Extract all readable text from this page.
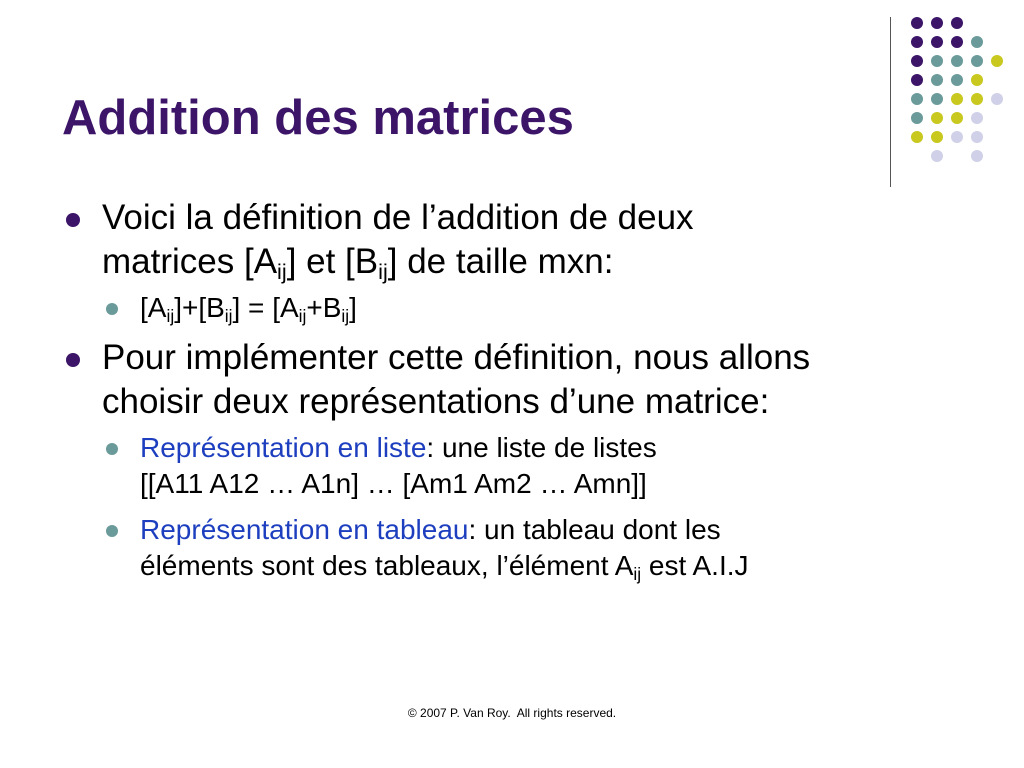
Addition des matrices
Voici la définition de l’addition de deux
matrices $[A_{ij}]$ et $[B_{ij}]$ de taille mxn:
$[A_{ij}]+[B_{ij}] = [A_{ij}+B_{ij}]$
Pour implémenter cette définition, nous allons
choisir deux représentations d’une matrice:
Représentation en liste: une liste de listes
[[A11 A12 … A1n] … [Am1 Am2 … Amn]]
Représentation en tableau: un tableau dont les
éléments sont des tableaux, l’élément $A_{ij}$ est A.I.J
© 2007 P. Van Roy.  All rights reserved.
